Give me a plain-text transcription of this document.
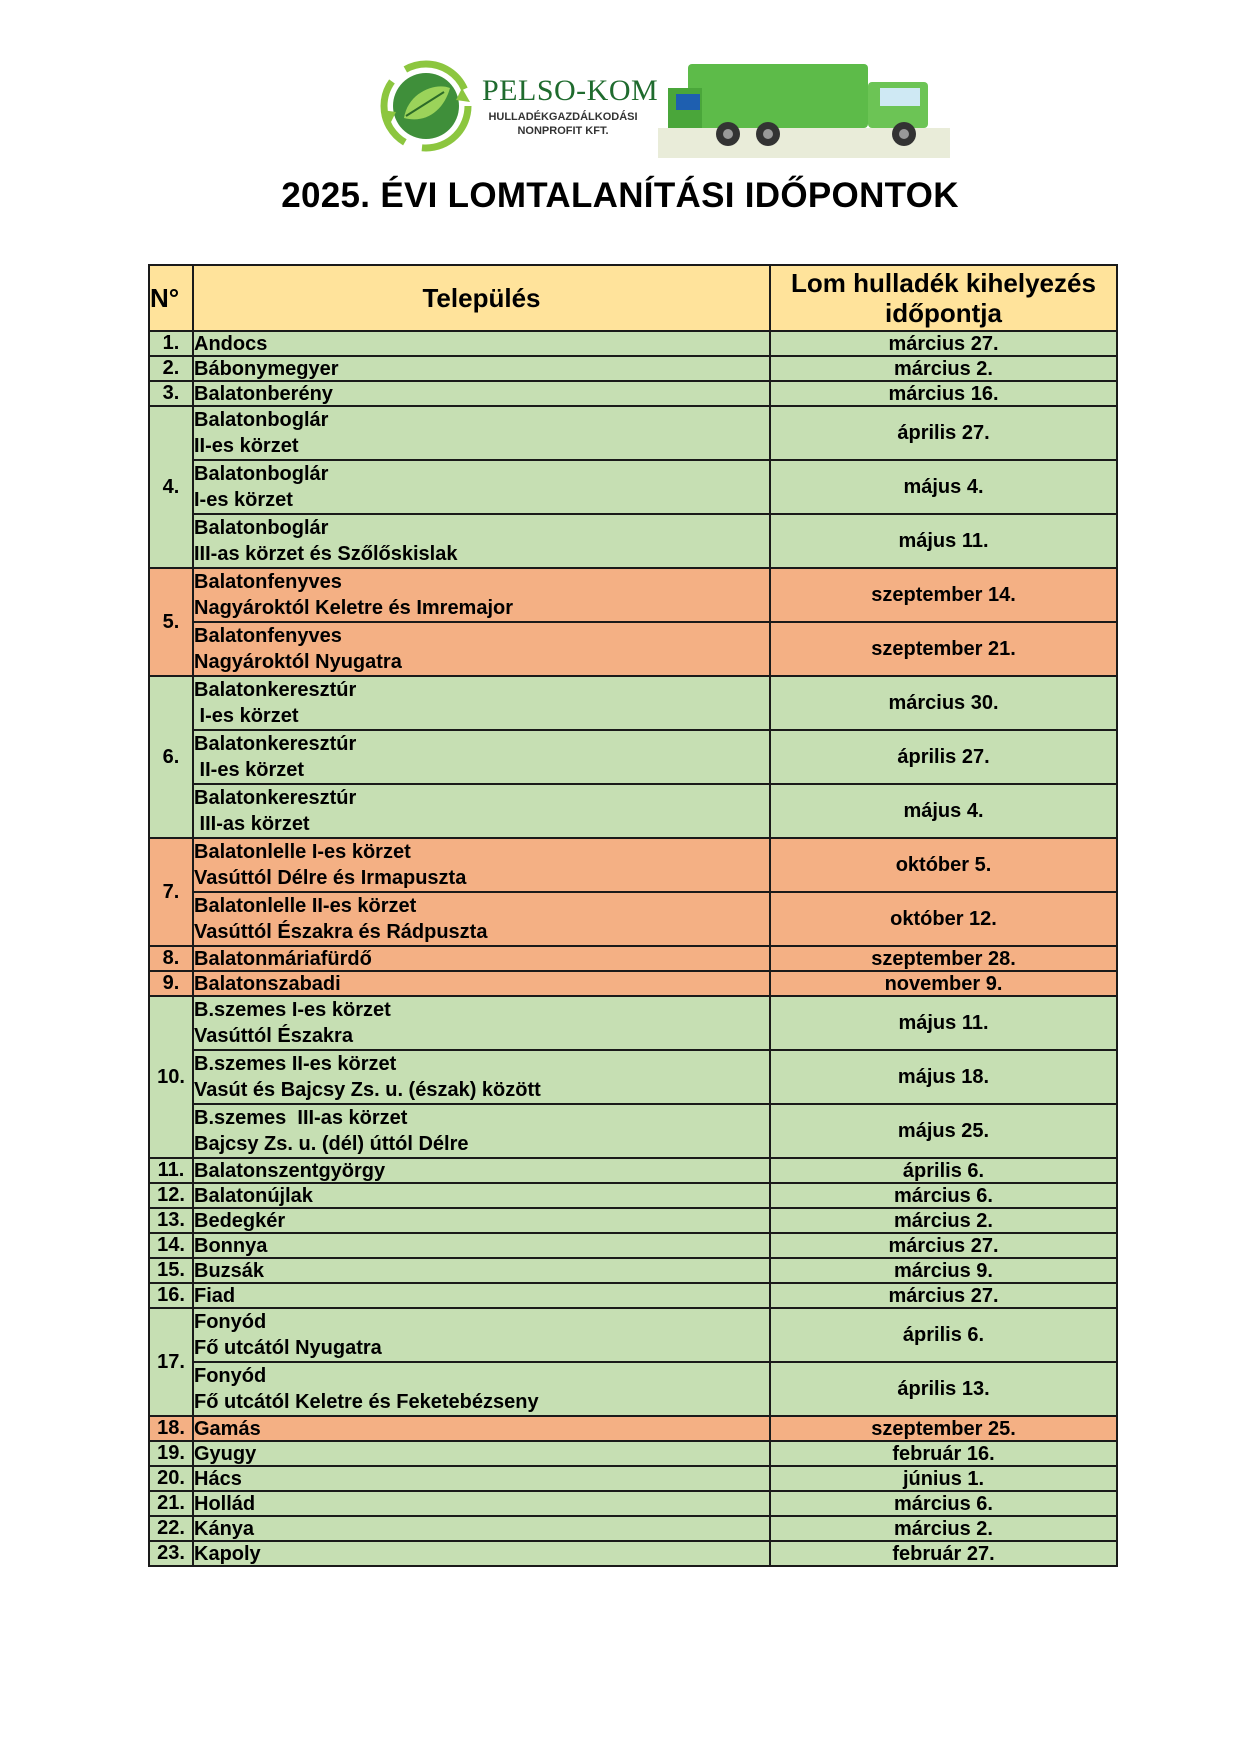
PELSO-KOM
HULLADÉKGAZDÁLKODÁSI
NONPROFIT KFT.
2025. ÉVI LOMTALANÍTÁSI IDŐPONTOK
N°	Település	Lom hulladék kihelyezés időpontja
1.	Andocs	március 27.
2.	Bábonymegyer	március 2.
3.	Balatonberény	március 16.
4.	Balatonboglár
II-es körzet	április 27.

	Balatonboglár
I-es körzet	május 4.

	Balatonboglár
III-as körzet és Szőlőskislak	május 11.
5.	Balatonfenyves
Nagyároktól Keletre és Imremajor	szeptember 14.

	Balatonfenyves
Nagyároktól Nyugatra	szeptember 21.
6.	Balatonkeresztúr
I-es körzet	március 30.

	Balatonkeresztúr
II-es körzet	április 27.

	Balatonkeresztúr
III-as körzet	május 4.
7.	Balatonlelle I-es körzet
Vasúttól Délre és Irmapuszta	október 5.

	Balatonlelle II-es körzet
Vasúttól Északra és Rádpuszta	október 12.
8.	Balatonmáriafürdő	szeptember 28.
9.	Balatonszabadi	november 9.
10.	B.szemes I-es körzet
Vasúttól Északra	május 11.

	B.szemes II-es körzet
Vasút és Bajcsy Zs. u. (észak) között	május 18.

	B.szemes  III-as körzet
Bajcsy Zs. u. (dél) úttól Délre	május 25.
11.	Balatonszentgyörgy	április 6.
12.	Balatonújlak	március 6.
13.	Bedegkér	március 2.
14.	Bonnya	március 27.
15.	Buzsák	március 9.
16.	Fiad	március 27.
17.	Fonyód
Fő utcától Nyugatra	április 6.

	Fonyód
Fő utcától Keletre és Feketebézseny	április 13.
18.	Gamás	szeptember 25.
19.	Gyugy	február 16.
20.	Hács	június 1.
21.	Hollád	március 6.
22.	Kánya	március 2.
23.	Kapoly	február 27.
